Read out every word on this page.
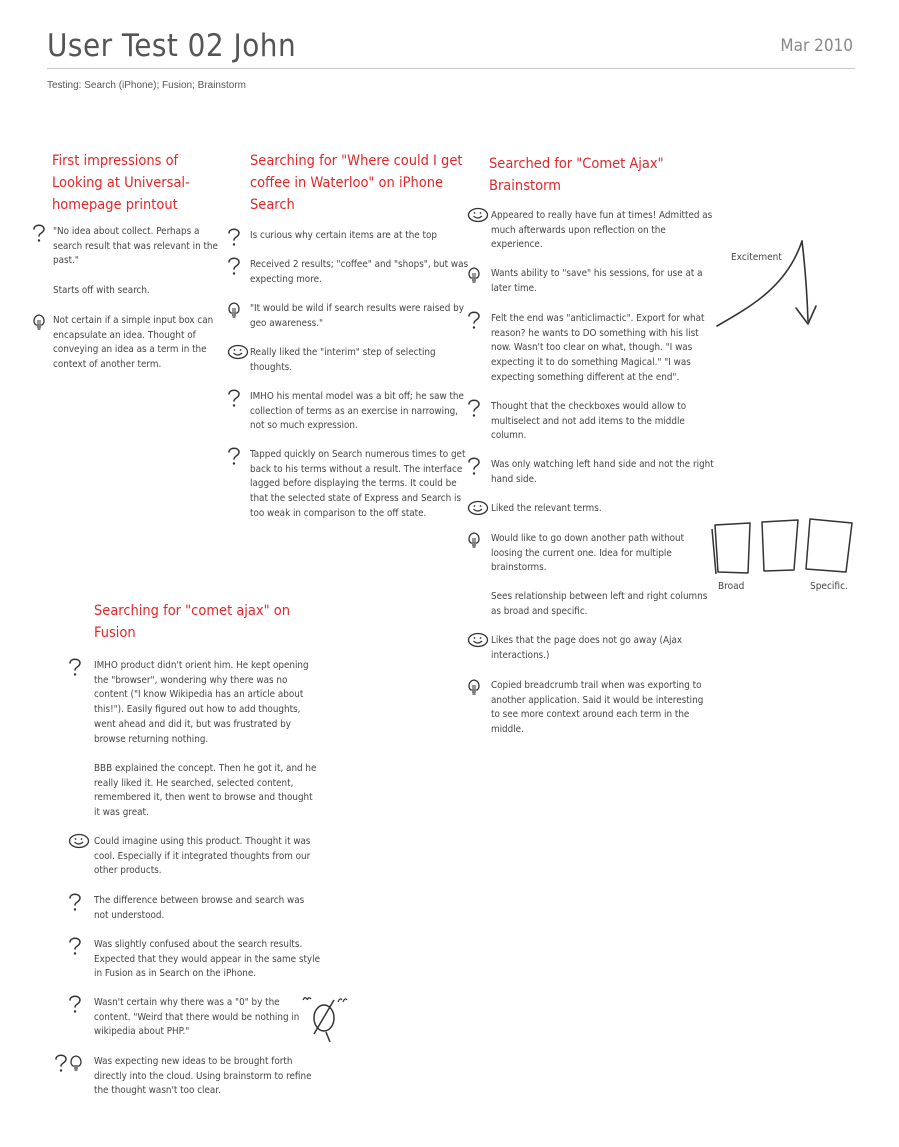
User Test 02 John	Mar 2010
Testing: Search (iPhone); Fusion; Brainstorm
First impressions of
Looking at Universal-
homepage printout
Searching for "Where could I get
coffee in Waterloo" on iPhone
Search
Searched for "Comet Ajax"
Brainstorm
Searching for "comet ajax" on
Fusion
Excitement
Broad	Specific.
"No idea about collect. Perhaps a
search result that was relevant in the
past."
Starts off with search.
Not certain if a simple input box can
encapsulate an idea. Thought of
conveying an idea as a term in the
context of another term.
Is curious why certain items are at the top
Received 2 results; "coffee" and "shops", but was
expecting more.
"It would be wild if search results were raised by
geo awareness."
Really liked the "interim" step of selecting
thoughts.
IMHO his mental model was a bit off; he saw the
collection of terms as an exercise in narrowing,
not so much expression.
Tapped quickly on Search numerous times to get
back to his terms without a result. The interface
lagged before displaying the terms. It could be
that the selected state of Express and Search is
too weak in comparison to the off state.
Appeared to really have fun at times! Admitted as
much afterwards upon reflection on the
experience.
Wants ability to "save" his sessions, for use at a
later time.
Felt the end was "anticlimactic". Export for what
reason? he wants to DO something with his list
now. Wasn't too clear on what, though. "I was
expecting it to do something Magical." "I was
expecting something different at the end".
Thought that the checkboxes would allow to
multiselect and not add items to the middle
column.
Was only watching left hand side and not the right
hand side.
Liked the relevant terms.
Would like to go down another path without
loosing the current one. Idea for multiple
brainstorms.
Sees relationship between left and right columns
as broad and specific.
Likes that the page does not go away (Ajax
interactions.)
Copied breadcrumb trail when was exporting to
another application. Said it would be interesting
to see more context around each term in the
middle.
IMHO product didn't orient him. He kept opening
the "browser", wondering why there was no
content ("I know Wikipedia has an article about
this!"). Easily figured out how to add thoughts,
went ahead and did it, but was frustrated by
browse returning nothing.
BBB explained the concept. Then he got it, and he
really liked it. He searched, selected content,
remembered it, then went to browse and thought
it was great.
Could imagine using this product. Thought it was
cool. Especially if it integrated thoughts from our
other products.
The difference between browse and search was
not understood.
Was slightly confused about the search results.
Expected that they would appear in the same style
in Fusion as in Search on the iPhone.
Wasn't certain why there was a "0" by the
content. "Weird that there would be nothing in
wikipedia about PHP."
Was expecting new ideas to be brought forth
directly into the cloud. Using brainstorm to refine
the thought wasn't too clear.
